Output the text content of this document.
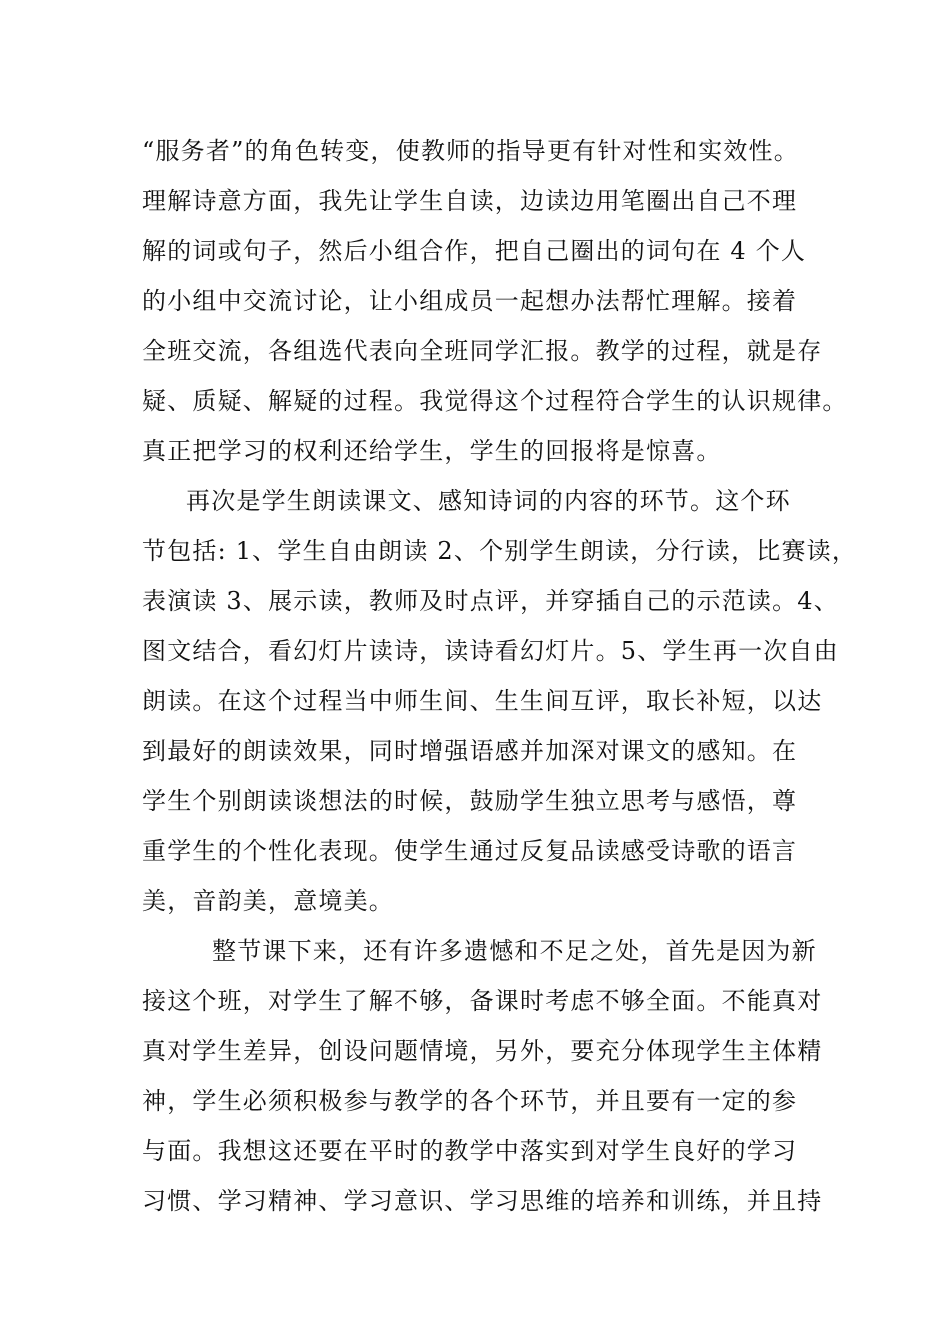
“服务者”的角色转变，使教师的指导更有针对性和实效性。
理解诗意方面，我先让学生自读，边读边用笔圈出自己不理
解的词或句子，然后小组合作，把自己圈出的词句在 4 个人
的小组中交流讨论，让小组成员一起想办法帮忙理解。接着
全班交流，各组选代表向全班同学汇报。教学的过程，就是存
疑、质疑、解疑的过程。我觉得这个过程符合学生的认识规律。
真正把学习的权利还给学生，学生的回报将是惊喜。
再次是学生朗读课文、感知诗词的内容的环节。这个环
节包括: 1、学生自由朗读 2、个别学生朗读，分行读，比赛读，
表演读 3、展示读，教师及时点评，并穿插自己的示范读。4、
图文结合，看幻灯片读诗，读诗看幻灯片。5、学生再一次自由
朗读。在这个过程当中师生间、生生间互评，取长补短，以达
到最好的朗读效果，同时增强语感并加深对课文的感知。在
学生个别朗读谈想法的时候，鼓励学生独立思考与感悟，尊
重学生的个性化表现。使学生通过反复品读感受诗歌的语言
美，音韵美，意境美。
整节课下来，还有许多遗憾和不足之处，首先是因为新
接这个班，对学生了解不够，备课时考虑不够全面。不能真对
真对学生差异，创设问题情境，另外，要充分体现学生主体精
神，学生必须积极参与教学的各个环节，并且要有一定的参
与面。我想这还要在平时的教学中落实到对学生良好的学习
习惯、学习精神、学习意识、学习思维的培养和训练，并且持
